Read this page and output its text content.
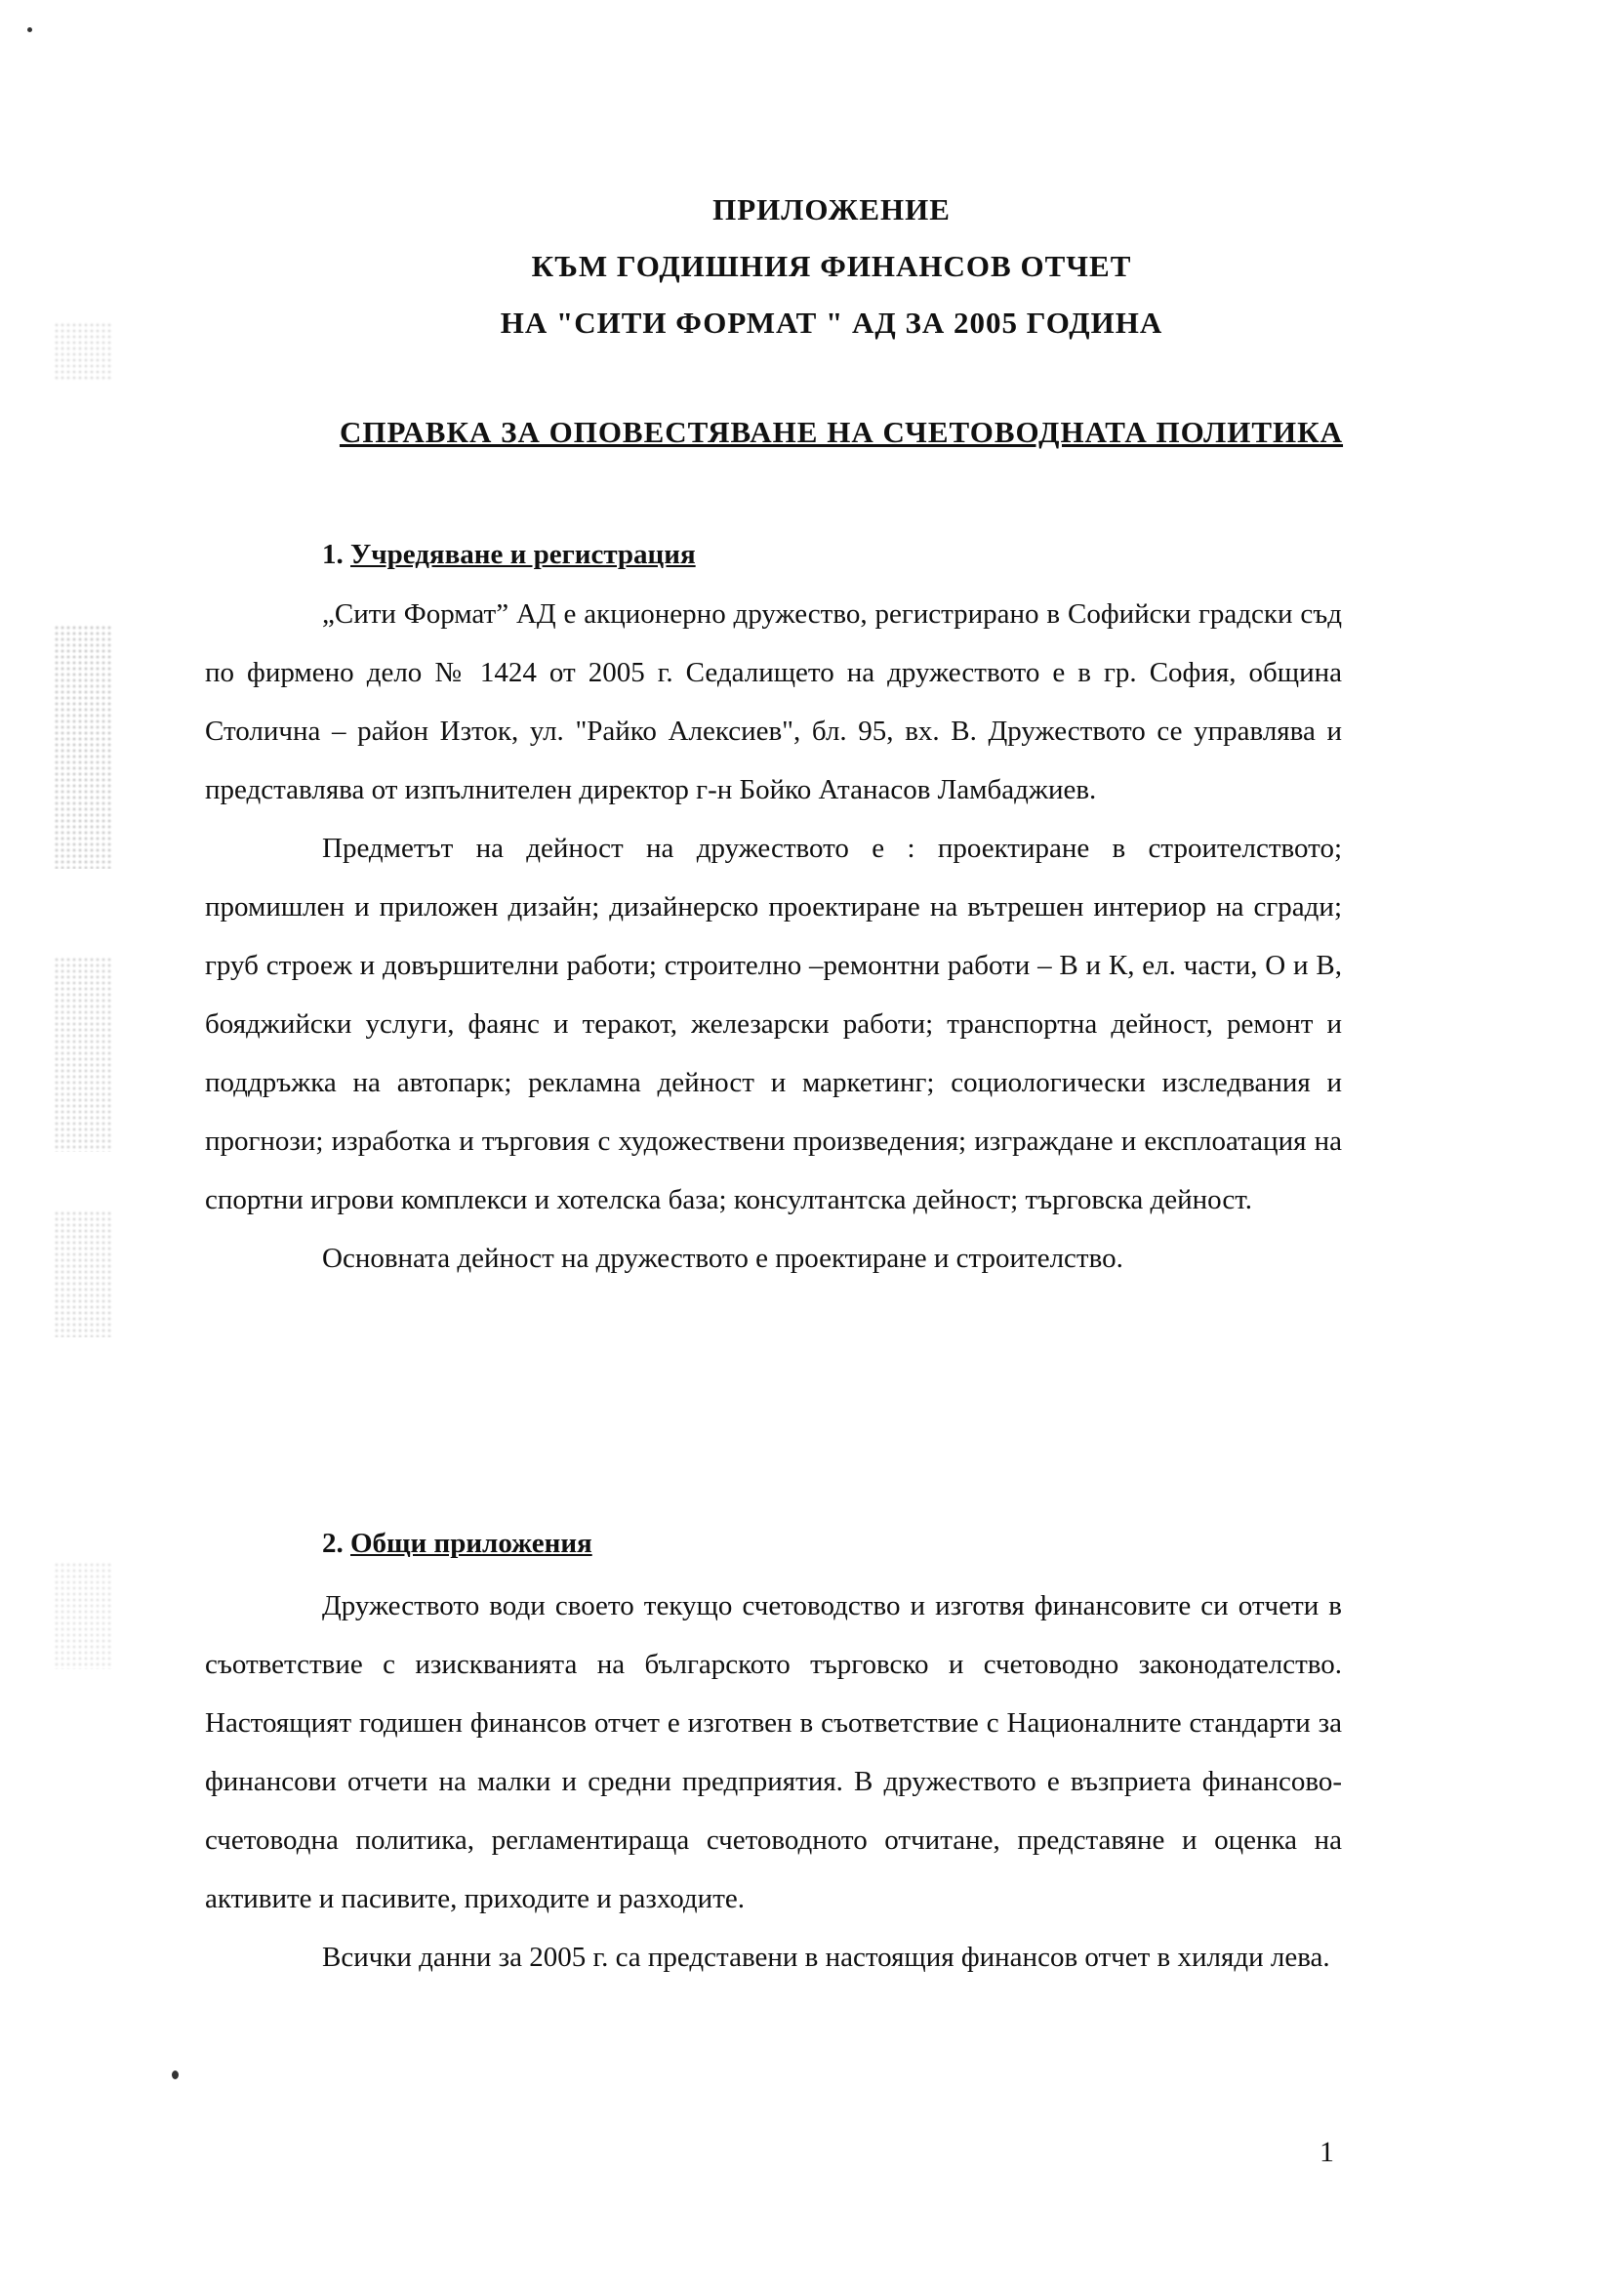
ПРИЛОЖЕНИЕ
КЪМ ГОДИШНИЯ ФИНАНСОВ ОТЧЕТ
НА "СИТИ ФОРМАТ " АД ЗА 2005 ГОДИНА
СПРАВКА ЗА ОПОВЕСТЯВАНЕ НА СЧЕТОВОДНАТА ПОЛИТИКА
1. Учредяване и регистрация

„Сити Формат” АД е акционерно дружество, регистрирано в Софийски градски съд по фирмено дело № 1424 от 2005 г. Седалището на дружеството е в гр. София, община Столична – район Изток, ул. "Райко Алексиев", бл. 95, вх. В. Дружеството се управлява и представлява от изпълнителен директор г-н Бойко Атанасов Ламбаджиев.

Предметът на дейност на дружеството е : проектиране в строителството; промишлен и приложен дизайн; дизайнерско проектиране на вътрешен интериор на сгради; груб строеж и довършителни работи; строително –ремонтни работи – В и К, ел. части, О и В, бояджийски услуги, фаянс и теракот, железарски работи; транспортна дейност, ремонт и поддръжка на автопарк; рекламна дейност и маркетинг; социологически изследвания и прогнози; изработка и търговия с художествени произведения; изграждане и експлоатация на спортни игрови комплекси и хотелска база; консултантска дейност; търговска дейност.

Основната дейност на дружеството е проектиране и строителство.

2. Общи приложения

Дружеството води своето текущо счетоводство и изготвя финансовите си отчети в съответствие с изискванията на българското търговско и счетоводно законодателство. Настоящият годишен финансов отчет е изготвен в съответствие с Националните стандарти за финансови отчети на малки и средни предприятия. В дружеството е възприета финансово-счетоводна политика, регламентираща счетоводното отчитане, представяне и оценка на активите и пасивите, приходите и разходите.

Всички данни за 2005 г. са представени в настоящия финансов отчет в хиляди лева.

1
